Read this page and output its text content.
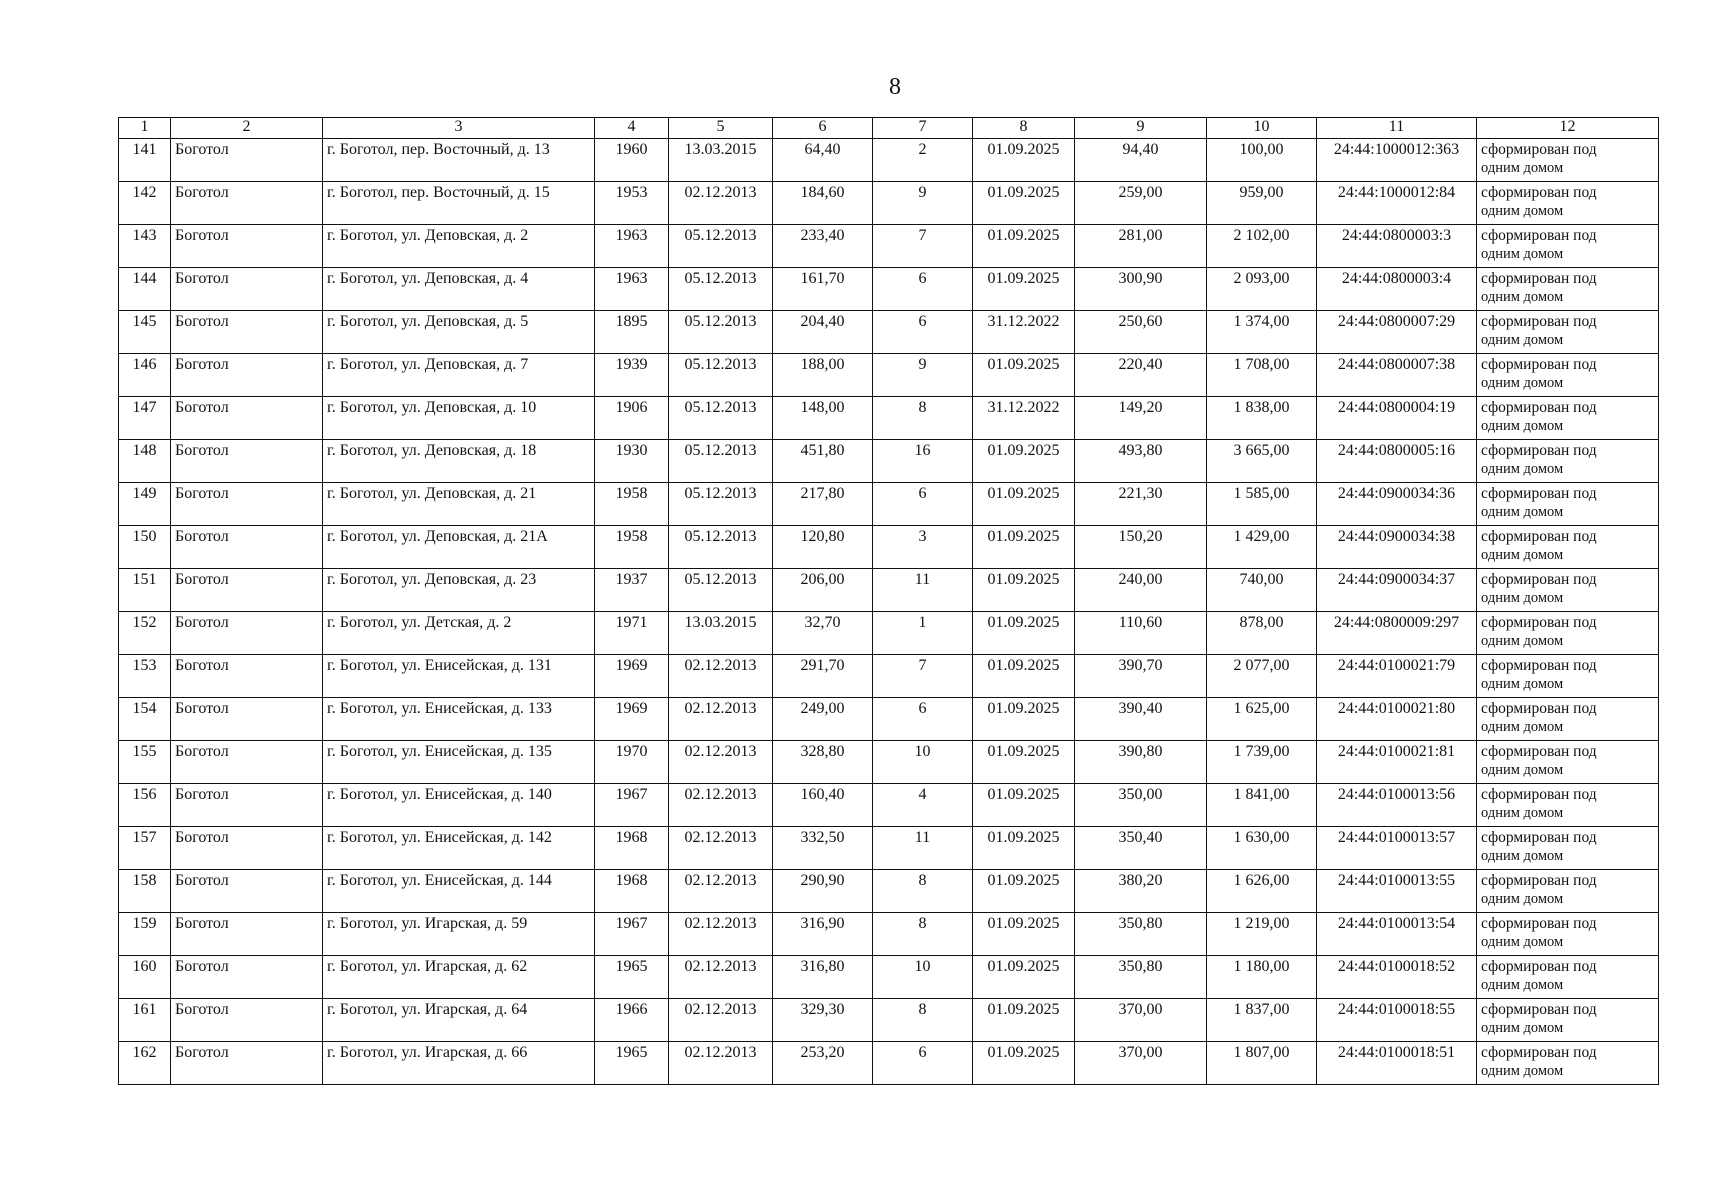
8
1	2	3	4	5	6	7	8	9	10	11	12
141	Боготол	г. Боготол, пер. Восточный, д. 13	1960	13.03.2015	64,40	2	01.09.2025	94,40	100,00	24:44:1000012:363	сформирован под
одним домом

142	Боготол	г. Боготол, пер. Восточный, д. 15	1953	02.12.2013	184,60	9	01.09.2025	259,00	959,00	24:44:1000012:84	сформирован под
одним домом

143	Боготол	г. Боготол, ул. Деповская, д. 2	1963	05.12.2013	233,40	7	01.09.2025	281,00	2 102,00	24:44:0800003:3	сформирован под
одним домом

144	Боготол	г. Боготол, ул. Деповская, д. 4	1963	05.12.2013	161,70	6	01.09.2025	300,90	2 093,00	24:44:0800003:4	сформирован под
одним домом

145	Боготол	г. Боготол, ул. Деповская, д. 5	1895	05.12.2013	204,40	6	31.12.2022	250,60	1 374,00	24:44:0800007:29	сформирован под
одним домом

146	Боготол	г. Боготол, ул. Деповская, д. 7	1939	05.12.2013	188,00	9	01.09.2025	220,40	1 708,00	24:44:0800007:38	сформирован под
одним домом

147	Боготол	г. Боготол, ул. Деповская, д. 10	1906	05.12.2013	148,00	8	31.12.2022	149,20	1 838,00	24:44:0800004:19	сформирован под
одним домом

148	Боготол	г. Боготол, ул. Деповская, д. 18	1930	05.12.2013	451,80	16	01.09.2025	493,80	3 665,00	24:44:0800005:16	сформирован под
одним домом

149	Боготол	г. Боготол, ул. Деповская, д. 21	1958	05.12.2013	217,80	6	01.09.2025	221,30	1 585,00	24:44:0900034:36	сформирован под
одним домом

150	Боготол	г. Боготол, ул. Деповская, д. 21А	1958	05.12.2013	120,80	3	01.09.2025	150,20	1 429,00	24:44:0900034:38	сформирован под
одним домом

151	Боготол	г. Боготол, ул. Деповская, д. 23	1937	05.12.2013	206,00	11	01.09.2025	240,00	740,00	24:44:0900034:37	сформирован под
одним домом

152	Боготол	г. Боготол, ул. Детская, д. 2	1971	13.03.2015	32,70	1	01.09.2025	110,60	878,00	24:44:0800009:297	сформирован под
одним домом

153	Боготол	г. Боготол, ул. Енисейская, д. 131	1969	02.12.2013	291,70	7	01.09.2025	390,70	2 077,00	24:44:0100021:79	сформирован под
одним домом

154	Боготол	г. Боготол, ул. Енисейская, д. 133	1969	02.12.2013	249,00	6	01.09.2025	390,40	1 625,00	24:44:0100021:80	сформирован под
одним домом

155	Боготол	г. Боготол, ул. Енисейская, д. 135	1970	02.12.2013	328,80	10	01.09.2025	390,80	1 739,00	24:44:0100021:81	сформирован под
одним домом

156	Боготол	г. Боготол, ул. Енисейская, д. 140	1967	02.12.2013	160,40	4	01.09.2025	350,00	1 841,00	24:44:0100013:56	сформирован под
одним домом

157	Боготол	г. Боготол, ул. Енисейская, д. 142	1968	02.12.2013	332,50	11	01.09.2025	350,40	1 630,00	24:44:0100013:57	сформирован под
одним домом

158	Боготол	г. Боготол, ул. Енисейская, д. 144	1968	02.12.2013	290,90	8	01.09.2025	380,20	1 626,00	24:44:0100013:55	сформирован под
одним домом

159	Боготол	г. Боготол, ул. Игарская, д. 59	1967	02.12.2013	316,90	8	01.09.2025	350,80	1 219,00	24:44:0100013:54	сформирован под
одним домом

160	Боготол	г. Боготол, ул. Игарская, д. 62	1965	02.12.2013	316,80	10	01.09.2025	350,80	1 180,00	24:44:0100018:52	сформирован под
одним домом

161	Боготол	г. Боготол, ул. Игарская, д. 64	1966	02.12.2013	329,30	8	01.09.2025	370,00	1 837,00	24:44:0100018:55	сформирован под
одним домом

162	Боготол	г. Боготол, ул. Игарская, д. 66	1965	02.12.2013	253,20	6	01.09.2025	370,00	1 807,00	24:44:0100018:51	сформирован под
одним домом
